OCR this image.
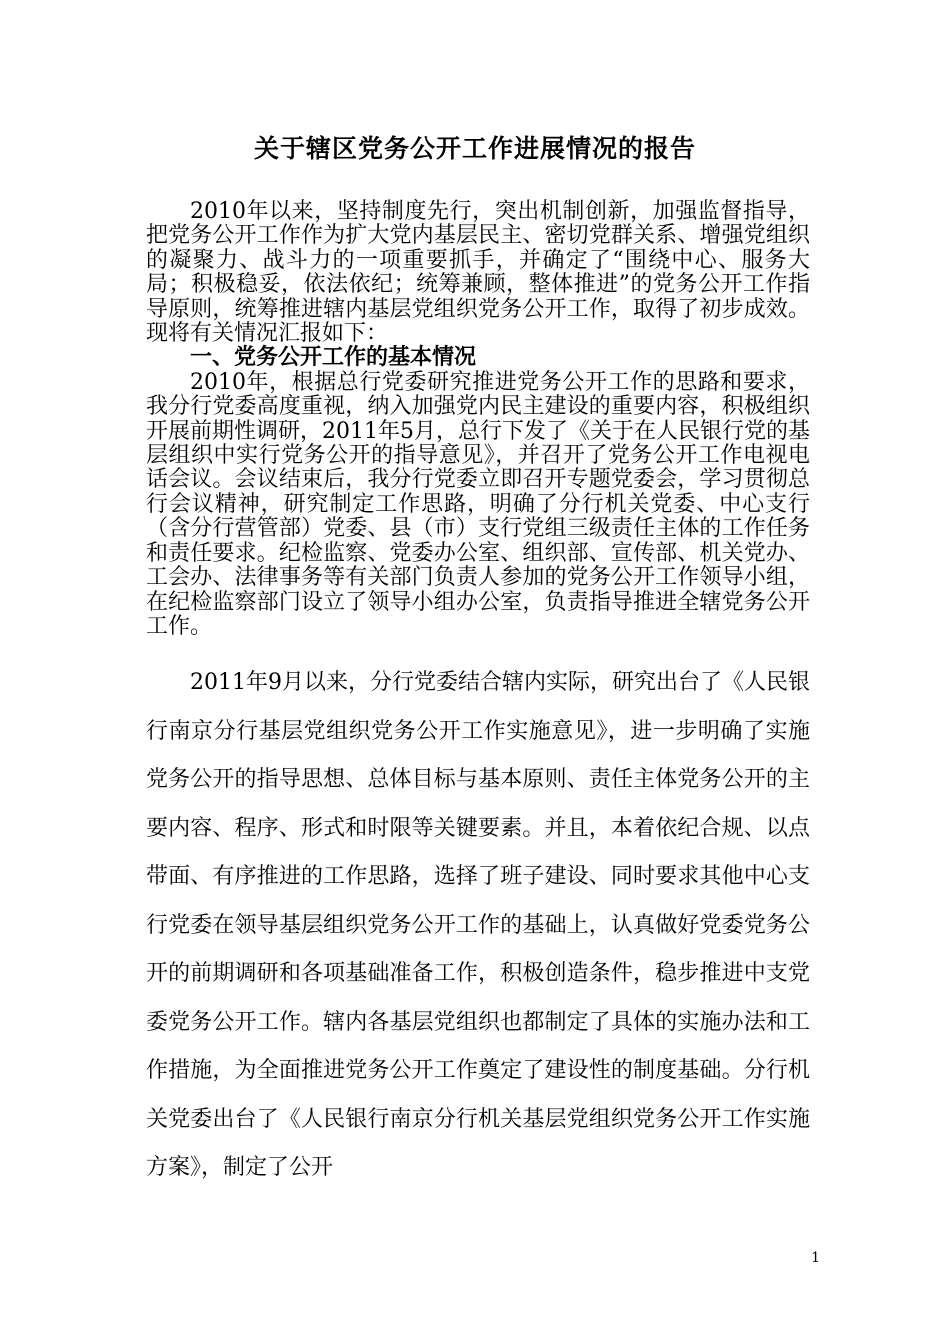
关于辖区党务公开工作进展情况的报告

2010年以来，坚持制度先行，突出机制创新，加强监督指导，把党务公开工作作为扩大党内基层民主、密切党群关系、增强党组织的凝聚力、战斗力的一项重要抓手，并确定了“围绕中心、服务大局；积极稳妥，依法依纪；统筹兼顾，整体推进”的党务公开工作指导原则，统筹推进辖内基层党组织党务公开工作，取得了初步成效。现将有关情况汇报如下：

一、党务公开工作的基本情况

2010年，根据总行党委研究推进党务公开工作的思路和要求，我分行党委高度重视，纳入加强党内民主建设的重要内容，积极组织开展前期性调研，2011年5月，总行下发了《关于在人民银行党的基层组织中实行党务公开的指导意见》，并召开了党务公开工作电视电话会议。会议结束后，我分行党委立即召开专题党委会，学习贯彻总行会议精神，研究制定工作思路，明确了分行机关党委、中心支行（含分行营管部）党委、县（市）支行党组三级责任主体的工作任务和责任要求。纪检监察、党委办公室、组织部、宣传部、机关党办、工会办、法律事务等有关部门负责人参加的党务公开工作领导小组，在纪检监察部门设立了领导小组办公室，负责指导推进全辖党务公开工作。

2011年9月以来，分行党委结合辖内实际，研究出台了《人民银行南京分行基层党组织党务公开工作实施意见》，进一步明确了实施党务公开的指导思想、总体目标与基本原则、责任主体党务公开的主要内容、程序、形式和时限等关键要素。并且，本着依纪合规、以点带面、有序推进的工作思路，选择了班子建设、同时要求其他中心支行党委在领导基层组织党务公开工作的基础上，认真做好党委党务公开的前期调研和各项基础准备工作，积极创造条件，稳步推进中支党委党务公开工作。辖内各基层党组织也都制定了具体的实施办法和工作措施，为全面推进党务公开工作奠定了建设性的制度基础。分行机关党委出台了《人民银行南京分行机关基层党组织党务公开工作实施方案》，制定了公开

1
